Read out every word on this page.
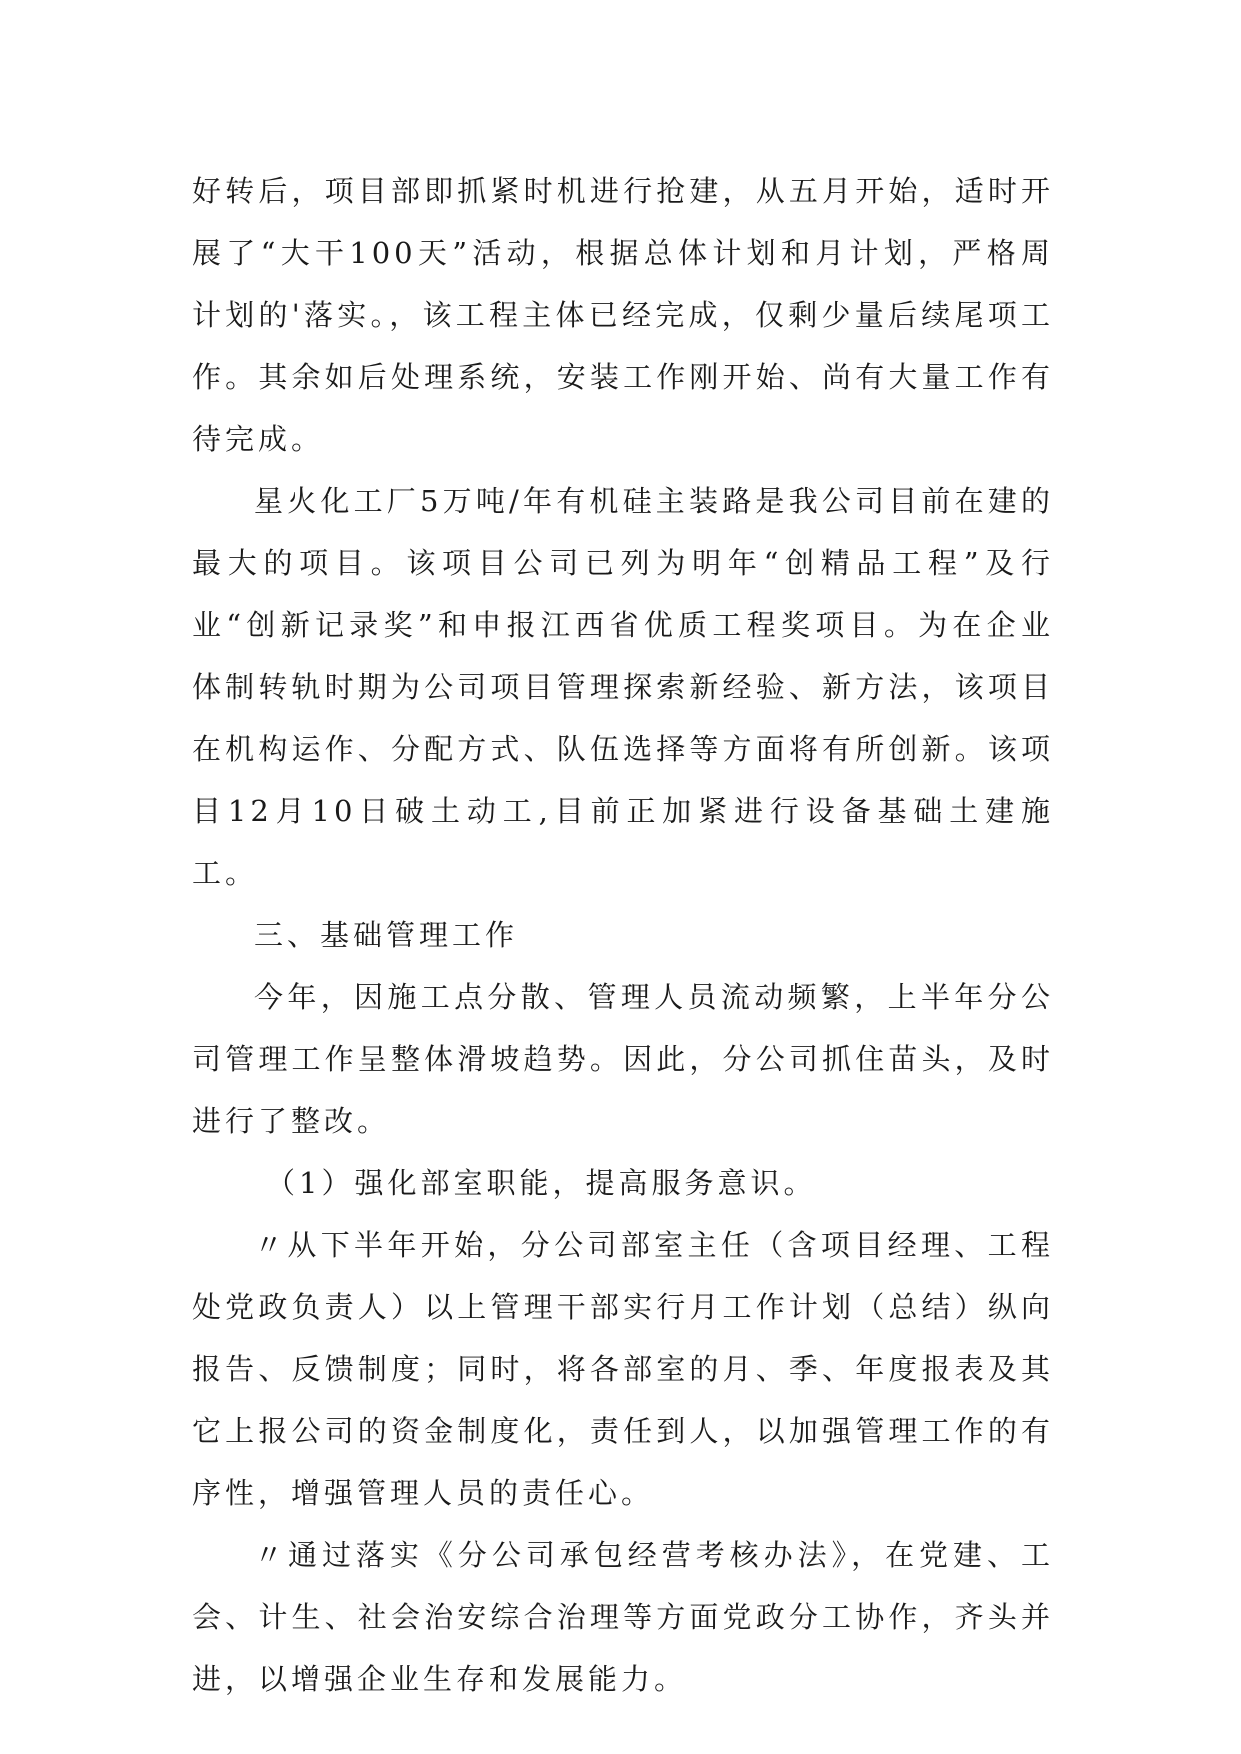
好转后，项目部即抓紧时机进行抢建，从五月开始，适时开展了“大干100天”活动，根据总体计划和月计划，严格周计划的'落实。，该工程主体已经完成，仅剩少量后续尾项工作。其余如后处理系统，安装工作刚开始、尚有大量工作有待完成。

星火化工厂5万吨/年有机硅主装路是我公司目前在建的最大的项目。该项目公司已列为明年“创精品工程”及行业“创新记录奖”和申报江西省优质工程奖项目。为在企业体制转轨时期为公司项目管理探索新经验、新方法，该项目在机构运作、分配方式、队伍选择等方面将有所创新。该项目12月10日破土动工,目前正加紧进行设备基础土建施工。

三、基础管理工作

今年，因施工点分散、管理人员流动频繁，上半年分公司管理工作呈整体滑坡趋势。因此，分公司抓住苗头，及时进行了整改。

（1）强化部室职能，提高服务意识。

〃从下半年开始，分公司部室主任（含项目经理、工程处党政负责人）以上管理干部实行月工作计划（总结）纵向报告、反馈制度；同时，将各部室的月、季、年度报表及其它上报公司的资金制度化，责任到人，以加强管理工作的有序性，增强管理人员的责任心。

〃通过落实《分公司承包经营考核办法》，在党建、工会、计生、社会治安综合治理等方面党政分工协作，齐头并进，以增强企业生存和发展能力。
